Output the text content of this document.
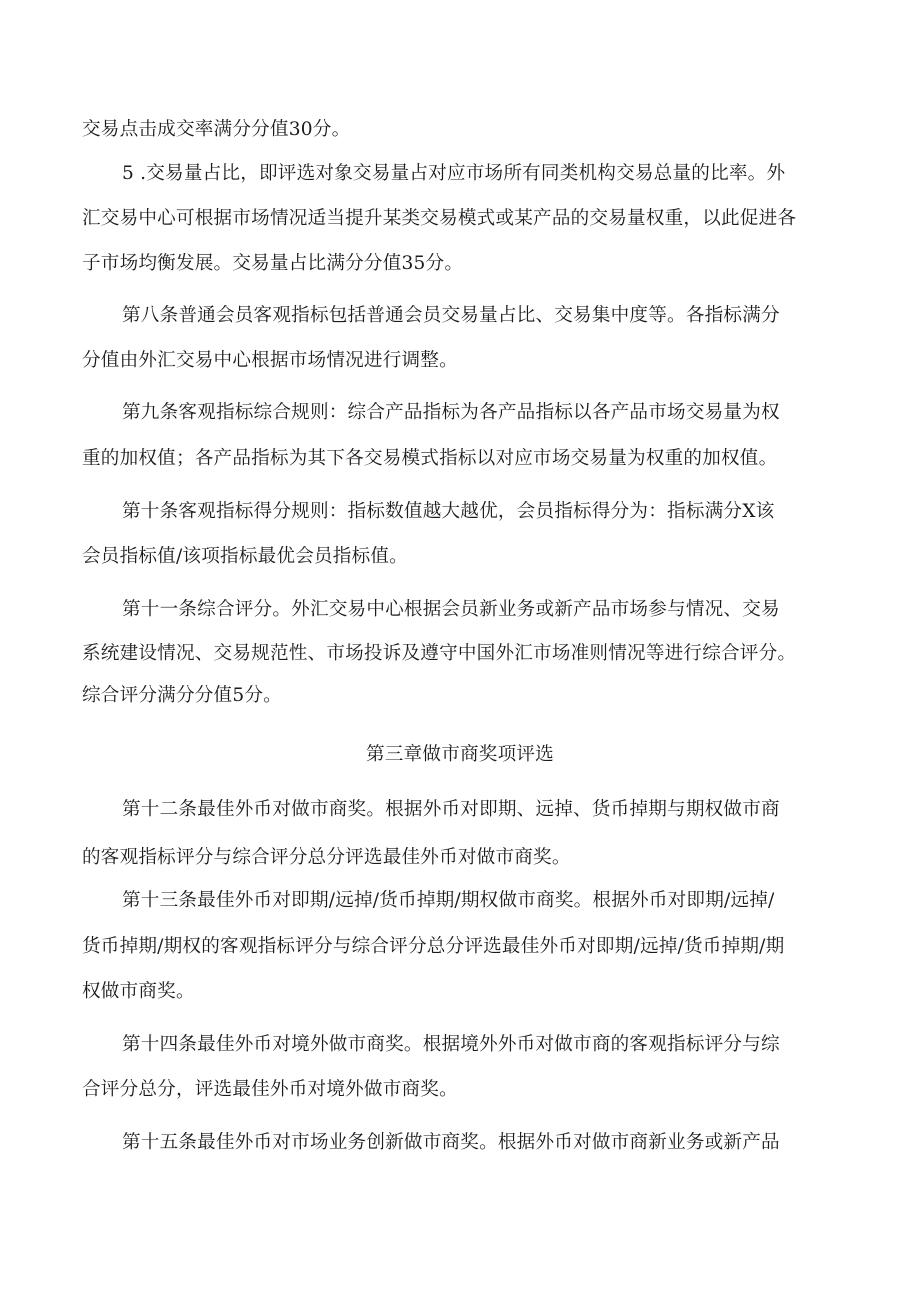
交易点击成交率满分分值30分。
5 .交易量占比，即评选对象交易量占对应市场所有同类机构交易总量的比率。外
汇交易中心可根据市场情况适当提升某类交易模式或某产品的交易量权重，以此促进各
子市场均衡发展。交易量占比满分分值35分。
第八条普通会员客观指标包括普通会员交易量占比、交易集中度等。各指标满分
分值由外汇交易中心根据市场情况进行调整。
第九条客观指标综合规则：综合产品指标为各产品指标以各产品市场交易量为权
重的加权值；各产品指标为其下各交易模式指标以对应市场交易量为权重的加权值。
第十条客观指标得分规则：指标数值越大越优，会员指标得分为：指标满分X该
会员指标值/该项指标最优会员指标值。
第十一条综合评分。外汇交易中心根据会员新业务或新产品市场参与情况、交易
系统建设情况、交易规范性、市场投诉及遵守中国外汇市场准则情况等进行综合评分。
综合评分满分分值5分。
第三章做市商奖项评选
第十二条最佳外币对做市商奖。根据外币对即期、远掉、货币掉期与期权做市商
的客观指标评分与综合评分总分评选最佳外币对做市商奖。
第十三条最佳外币对即期/远掉/货币掉期/期权做市商奖。根据外币对即期/远掉/
货币掉期/期权的客观指标评分与综合评分总分评选最佳外币对即期/远掉/货币掉期/期
权做市商奖。
第十四条最佳外币对境外做市商奖。根据境外外币对做市商的客观指标评分与综
合评分总分，评选最佳外币对境外做市商奖。
第十五条最佳外币对市场业务创新做市商奖。根据外币对做市商新业务或新产品
